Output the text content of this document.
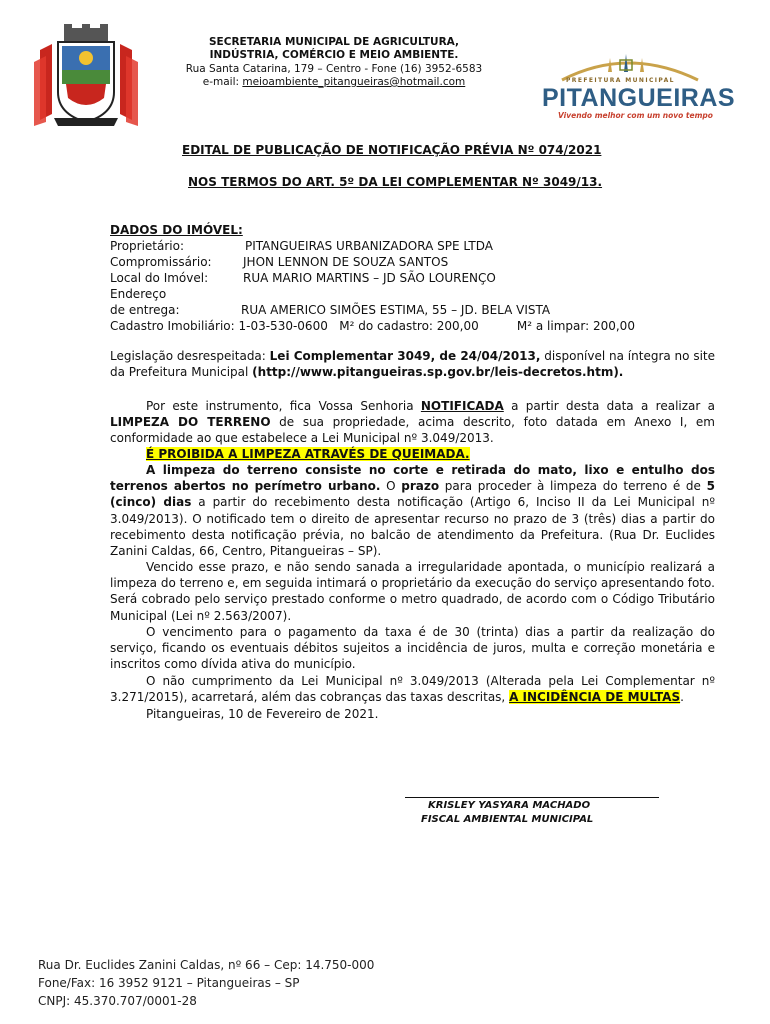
SECRETARIA MUNICIPAL DE AGRICULTURA,
INDÚSTRIA, COMÉRCIO E MEIO AMBIENTE.
Rua Santa Catarina, 179 – Centro - Fone (16) 3952-6583
e-mail: meioambiente_pitangueiras@hotmail.com	PREFEITURA MUNICIPAL
PITANGUEIRAS
Vivendo melhor com um novo tempo
EDITAL DE PUBLICAÇÃO DE NOTIFICAÇÃO PRÉVIA Nº 074/2021
NOS TERMOS DO ART. 5º DA LEI COMPLEMENTAR Nº 3049/13.
DADOS DO IMÓVEL:
Proprietário:	PITANGUEIRAS URBANIZADORA SPE LTDA
Compromissário:	JHON LENNON DE SOUZA SANTOS
Local do Imóvel:	RUA MARIO MARTINS – JD SÃO LOURENÇO
Endereço
de entrega:	RUA AMERICO SIMÕES ESTIMA, 55 – JD. BELA VISTA
Cadastro Imobiliário: 1-03-530-0600   M² do cadastro: 200,00          M² a limpar: 200,00
Legislação desrespeitada: Lei Complementar 3049, de 24/04/2013, disponível na íntegra no site da Prefeitura Municipal (http://www.pitangueiras.sp.gov.br/leis-decretos.htm).
Por este instrumento, fica Vossa Senhoria NOTIFICADA a partir desta data a realizar a LIMPEZA DO TERRENO de sua propriedade, acima descrito, foto datada em Anexo I, em conformidade ao que estabelece a Lei Municipal nº 3.049/2013.
É PROIBIDA A LIMPEZA ATRAVÉS DE QUEIMADA.
A limpeza do terreno consiste no corte e retirada do mato, lixo e entulho dos terrenos abertos no perímetro urbano. O prazo para proceder à limpeza do terreno é de 5 (cinco) dias a partir do recebimento desta notificação (Artigo 6, Inciso II da Lei Municipal nº 3.049/2013). O notificado tem o direito de apresentar recurso no prazo de 3 (três) dias a partir do recebimento desta notificação prévia, no balcão de atendimento da Prefeitura. (Rua Dr. Euclides Zanini Caldas, 66, Centro, Pitangueiras – SP).
Vencido esse prazo, e não sendo sanada a irregularidade apontada, o município realizará a limpeza do terreno e, em seguida intimará o proprietário da execução do serviço apresentando foto. Será cobrado pelo serviço prestado conforme o metro quadrado, de acordo com o Código Tributário Municipal (Lei nº 2.563/2007).
O vencimento para o pagamento da taxa é de 30 (trinta) dias a partir da realização do serviço, ficando os eventuais débitos sujeitos a incidência de juros, multa e correção monetária e inscritos como dívida ativa do município.
O não cumprimento da Lei Municipal nº 3.049/2013 (Alterada pela Lei Complementar nº 3.271/2015), acarretará, além das cobranças das taxas descritas, A INCIDÊNCIA DE MULTAS.
Pitangueiras, 10 de Fevereiro de 2021.
KRISLEY YASYARA MACHADO
FISCAL AMBIENTAL MUNICIPAL
Rua Dr. Euclides Zanini Caldas, nº 66 – Cep: 14.750-000
Fone/Fax: 16 3952 9121 – Pitangueiras – SP
CNPJ: 45.370.707/0001-28
